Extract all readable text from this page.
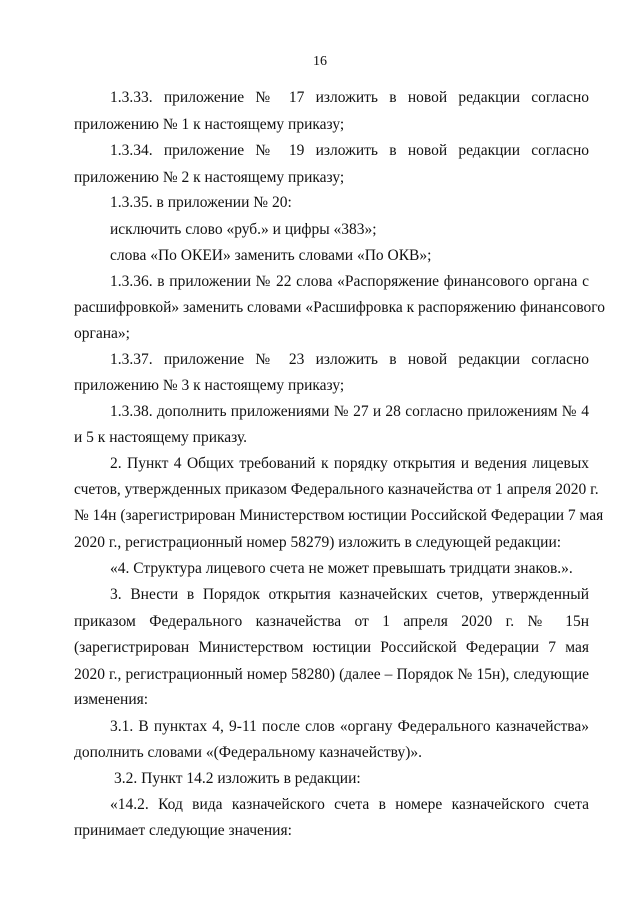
16
1.3.33. приложение № 17 изложить в новой редакции согласно
приложению № 1 к настоящему приказу;
1.3.34. приложение № 19 изложить в новой редакции согласно
приложению № 2 к настоящему приказу;
1.3.35. в приложении № 20:
исключить слово «руб.» и цифры «383»;
слова «По ОКЕИ» заменить словами «По ОКВ»;
1.3.36. в приложении № 22 слова «Распоряжение финансового органа с
расшифровкой» заменить словами «Расшифровка к распоряжению финансового
органа»;
1.3.37. приложение № 23 изложить в новой редакции согласно
приложению № 3 к настоящему приказу;
1.3.38. дополнить приложениями № 27 и 28 согласно приложениям № 4
и 5 к настоящему приказу.
2. Пункт 4 Общих требований к порядку открытия и ведения лицевых
счетов, утвержденных приказом Федерального казначейства от 1 апреля 2020 г.
№ 14н (зарегистрирован Министерством юстиции Российской Федерации 7 мая
2020 г., регистрационный номер 58279) изложить в следующей редакции:
«4. Структура лицевого счета не может превышать тридцати знаков.».
3. Внести в Порядок открытия казначейских счетов, утвержденный
приказом Федерального казначейства от 1 апреля 2020 г. № 15н
(зарегистрирован Министерством юстиции Российской Федерации 7 мая
2020 г., регистрационный номер 58280) (далее – Порядок № 15н), следующие
изменения:
3.1. В пунктах 4, 9-11 после слов «органу Федерального казначейства»
дополнить словами «(Федеральному казначейству)».
3.2. Пункт 14.2 изложить в редакции:
«14.2. Код вида казначейского счета в номере казначейского счета
принимает следующие значения:
